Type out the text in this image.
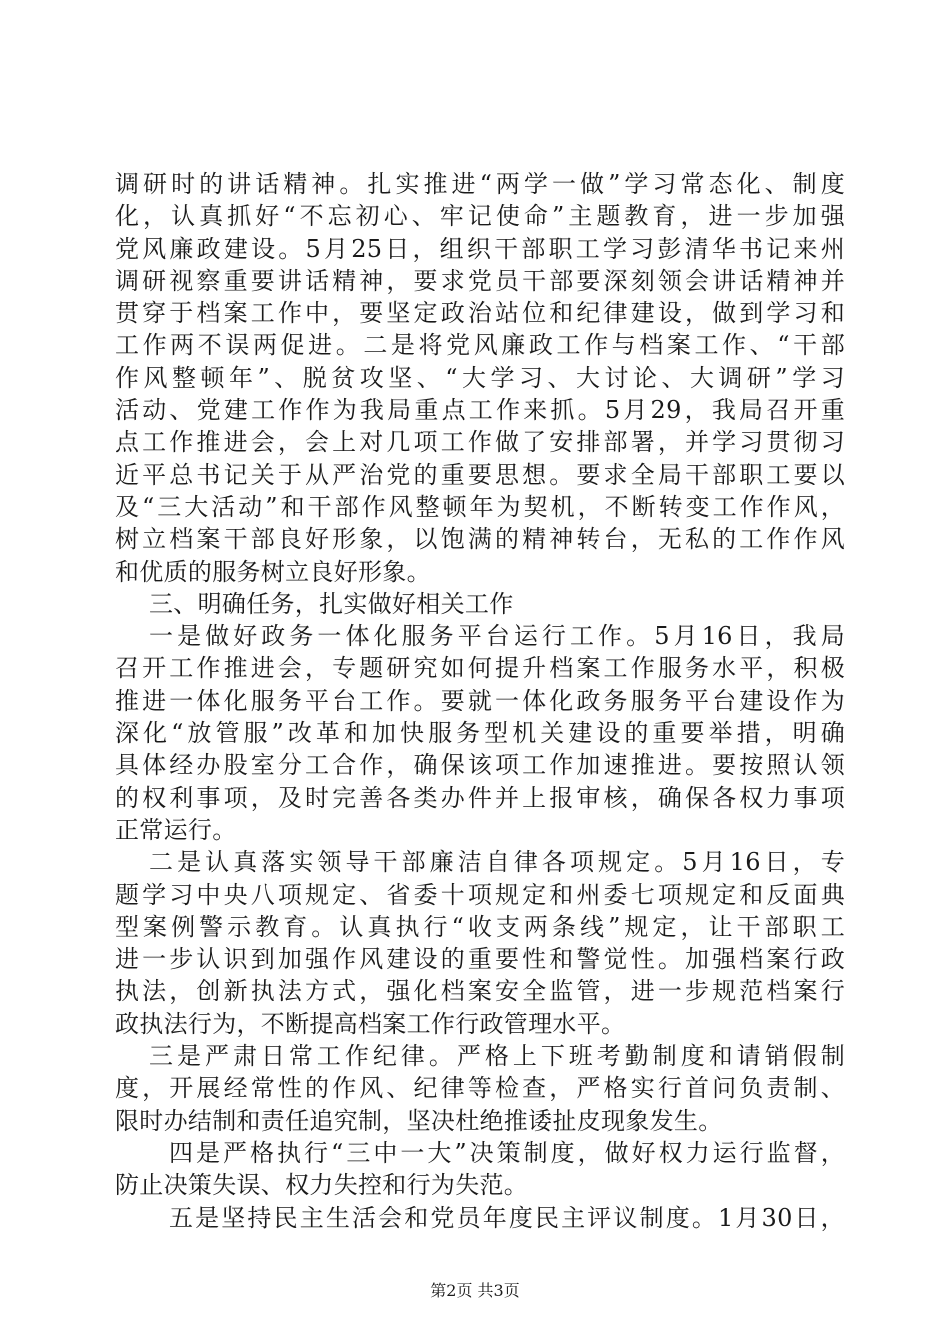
调研时的讲话精神。扎实推进“两学一做”学习常态化、制度
化，认真抓好“不忘初心、牢记使命”主题教育，进一步加强
党风廉政建设。5月25日，组织干部职工学习彭清华书记来州
调研视察重要讲话精神，要求党员干部要深刻领会讲话精神并
贯穿于档案工作中，要坚定政治站位和纪律建设，做到学习和
工作两不误两促进。二是将党风廉政工作与档案工作、“干部
作风整顿年”、脱贫攻坚、“大学习、大讨论、大调研”学习
活动、党建工作作为我局重点工作来抓。5月29，我局召开重
点工作推进会，会上对几项工作做了安排部署，并学习贯彻习
近平总书记关于从严治党的重要思想。要求全局干部职工要以
及“三大活动”和干部作风整顿年为契机，不断转变工作作风，
树立档案干部良好形象，以饱满的精神转台，无私的工作作风
和优质的服务树立良好形象。
三、明确任务，扎实做好相关工作
一是做好政务一体化服务平台运行工作。5月16日，我局
召开工作推进会，专题研究如何提升档案工作服务水平，积极
推进一体化服务平台工作。要就一体化政务服务平台建设作为
深化“放管服”改革和加快服务型机关建设的重要举措，明确
具体经办股室分工合作，确保该项工作加速推进。要按照认领
的权利事项，及时完善各类办件并上报审核，确保各权力事项
正常运行。
二是认真落实领导干部廉洁自律各项规定。5月16日，专
题学习中央八项规定、省委十项规定和州委七项规定和反面典
型案例警示教育。认真执行“收支两条线”规定，让干部职工
进一步认识到加强作风建设的重要性和警觉性。加强档案行政
执法，创新执法方式，强化档案安全监管，进一步规范档案行
政执法行为，不断提高档案工作行政管理水平。
三是严肃日常工作纪律。严格上下班考勤制度和请销假制
度，开展经常性的作风、纪律等检查，严格实行首问负责制、
限时办结制和责任追究制，坚决杜绝推诿扯皮现象发生。
四是严格执行“三中一大”决策制度，做好权力运行监督，
防止决策失误、权力失控和行为失范。
五是坚持民主生活会和党员年度民主评议制度。1月30日，
第2页 共3页
